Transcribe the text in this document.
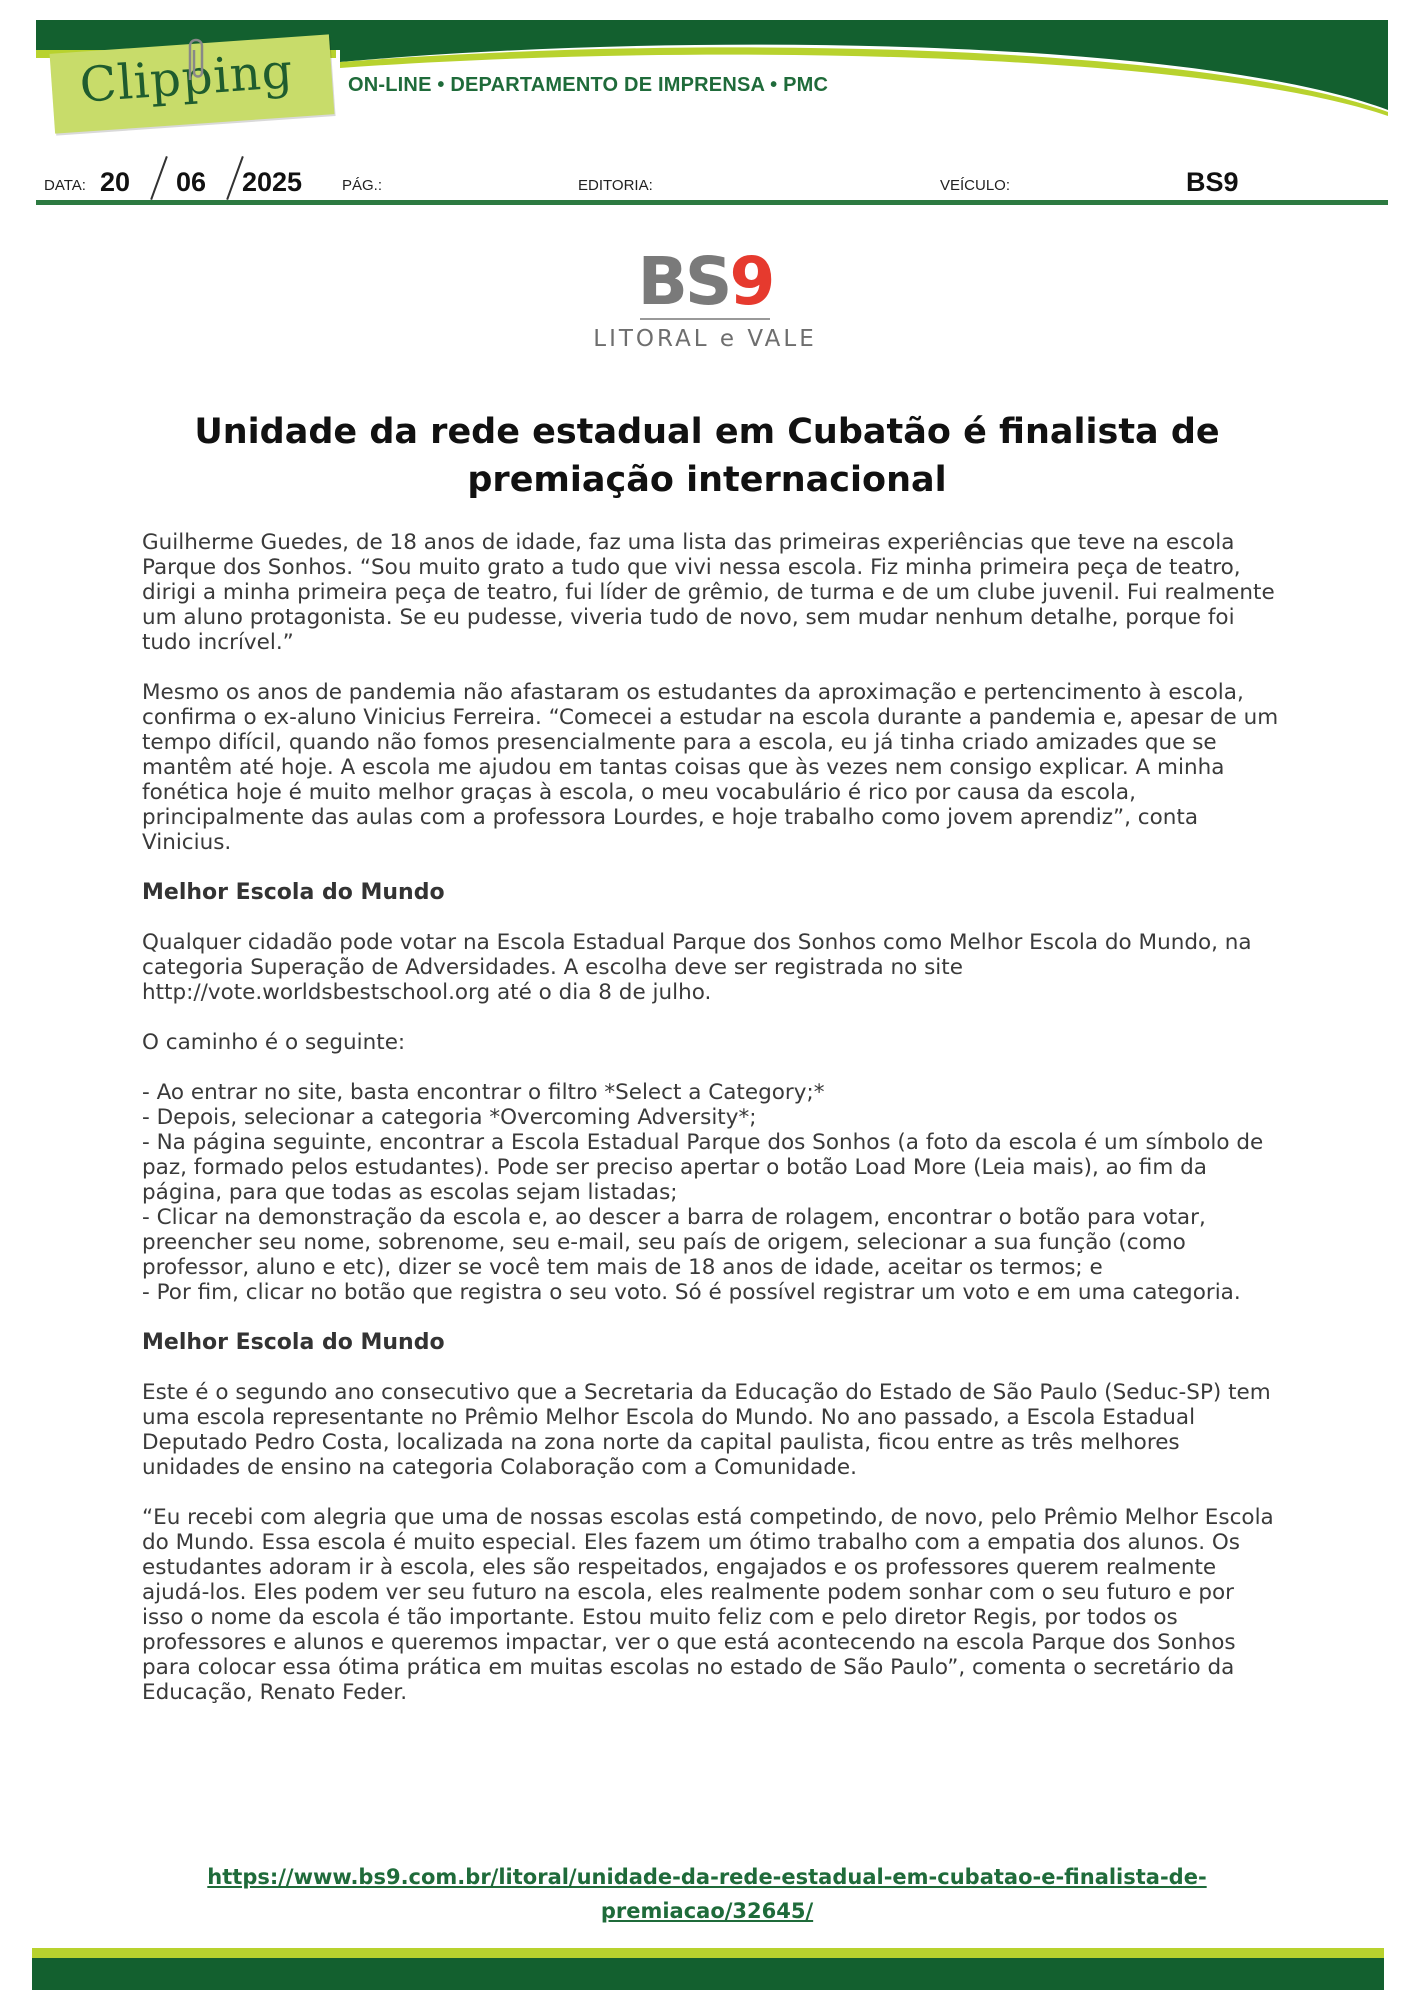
Clipping	ON-LINE • DEPARTAMENTO DE IMPRENSA • PMC
DATA: 20 06 2025	PÁG.:	EDITORIA:	VEÍCULO:	BS9
BS9
LITORAL e VALE
Unidade da rede estadual em Cubatão é finalista de premiação internacional

Guilherme Guedes, de 18 anos de idade, faz uma lista das primeiras experiências que teve na escola Parque dos Sonhos. “Sou muito grato a tudo que vivi nessa escola. Fiz minha primeira peça de teatro, dirigi a minha primeira peça de teatro, fui líder de grêmio, de turma e de um clube juvenil. Fui realmente um aluno protagonista. Se eu pudesse, viveria tudo de novo, sem mudar nenhum detalhe, porque foi tudo incrível.”

Mesmo os anos de pandemia não afastaram os estudantes da aproximação e pertencimento à escola, confirma o ex-aluno Vinicius Ferreira. “Comecei a estudar na escola durante a pandemia e, apesar de um tempo difícil, quando não fomos presencialmente para a escola, eu já tinha criado amizades que se mantêm até hoje. A escola me ajudou em tantas coisas que às vezes nem consigo explicar. A minha fonética hoje é muito melhor graças à escola, o meu vocabulário é rico por causa da escola, principalmente das aulas com a professora Lourdes, e hoje trabalho como jovem aprendiz”, conta Vinicius.

Melhor Escola do Mundo

Qualquer cidadão pode votar na Escola Estadual Parque dos Sonhos como Melhor Escola do Mundo, na categoria Superação de Adversidades. A escolha deve ser registrada no site http://vote.worldsbestschool.org até o dia 8 de julho.

O caminho é o seguinte:

- Ao entrar no site, basta encontrar o filtro *Select a Category;*
- Depois, selecionar a categoria *Overcoming Adversity*;
- Na página seguinte, encontrar a Escola Estadual Parque dos Sonhos (a foto da escola é um símbolo de paz, formado pelos estudantes). Pode ser preciso apertar o botão Load More (Leia mais), ao fim da página, para que todas as escolas sejam listadas;
- Clicar na demonstração da escola e, ao descer a barra de rolagem, encontrar o botão para votar, preencher seu nome, sobrenome, seu e-mail, seu país de origem, selecionar a sua função (como professor, aluno e etc), dizer se você tem mais de 18 anos de idade, aceitar os termos; e
- Por fim, clicar no botão que registra o seu voto. Só é possível registrar um voto e em uma categoria.

Melhor Escola do Mundo

Este é o segundo ano consecutivo que a Secretaria da Educação do Estado de São Paulo (Seduc-SP) tem uma escola representante no Prêmio Melhor Escola do Mundo. No ano passado, a Escola Estadual Deputado Pedro Costa, localizada na zona norte da capital paulista, ficou entre as três melhores unidades de ensino na categoria Colaboração com a Comunidade.

“Eu recebi com alegria que uma de nossas escolas está competindo, de novo, pelo Prêmio Melhor Escola do Mundo. Essa escola é muito especial. Eles fazem um ótimo trabalho com a empatia dos alunos. Os estudantes adoram ir à escola, eles são respeitados, engajados e os professores querem realmente ajudá-los. Eles podem ver seu futuro na escola, eles realmente podem sonhar com o seu futuro e por isso o nome da escola é tão importante. Estou muito feliz com e pelo diretor Regis, por todos os professores e alunos e queremos impactar, ver o que está acontecendo na escola Parque dos Sonhos para colocar essa ótima prática em muitas escolas no estado de São Paulo”, comenta o secretário da Educação, Renato Feder.

https://www.bs9.com.br/litoral/unidade-da-rede-estadual-em-cubatao-e-finalista-de-premiacao/32645/
